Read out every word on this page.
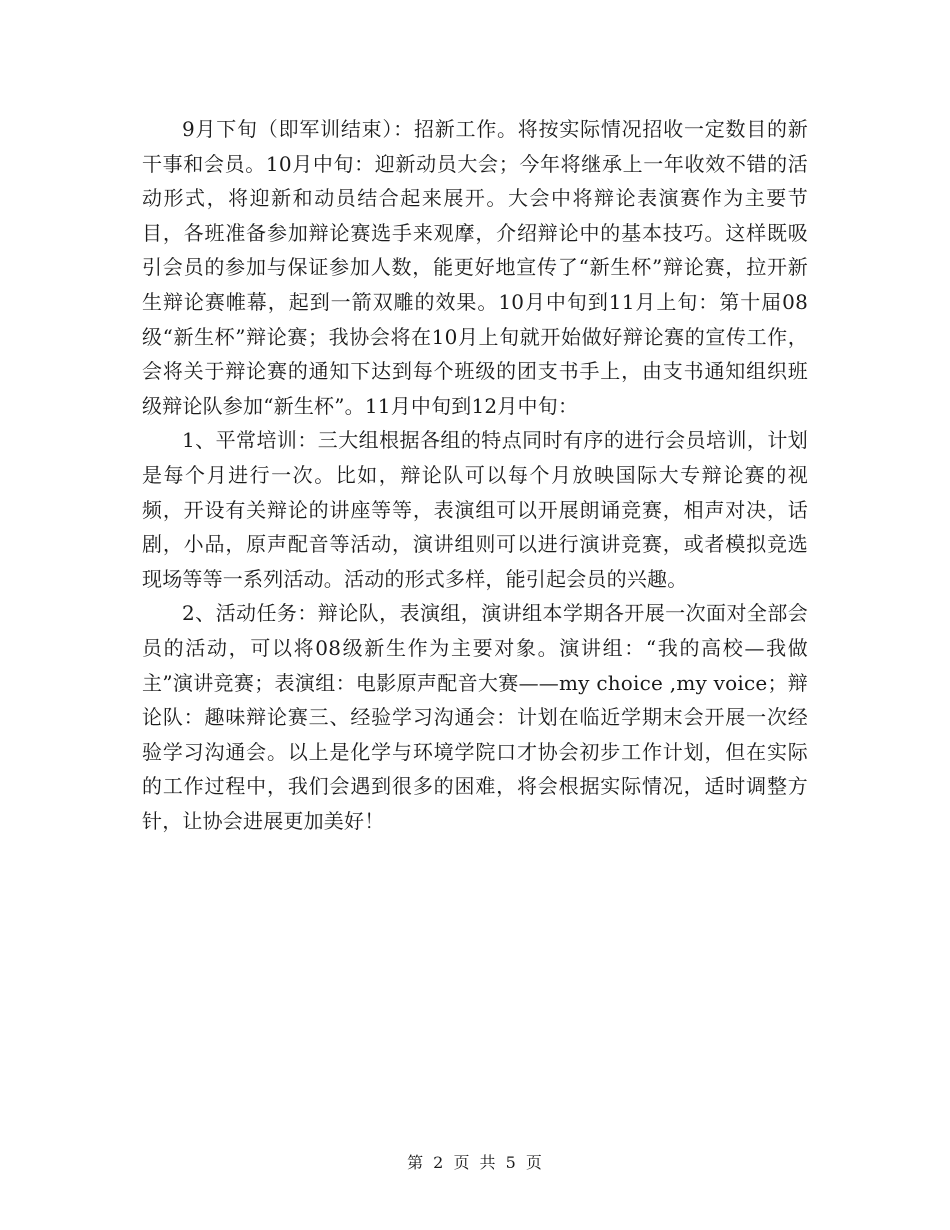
9月下旬（即军训结束）：招新工作。将按实际情况招收一定数目的新干事和会员。10月中旬：迎新动员大会；今年将继承上一年收效不错的活动形式，将迎新和动员结合起来展开。大会中将辩论表演赛作为主要节目，各班准备参加辩论赛选手来观摩，介绍辩论中的基本技巧。这样既吸引会员的参加与保证参加人数，能更好地宣传了“新生杯”辩论赛，拉开新生辩论赛帷幕，起到一箭双雕的效果。10月中旬到11月上旬：第十届08级“新生杯”辩论赛；我协会将在10月上旬就开始做好辩论赛的宣传工作，会将关于辩论赛的通知下达到每个班级的团支书手上，由支书通知组织班级辩论队参加“新生杯”。11月中旬到12月中旬：

1、平常培训：三大组根据各组的特点同时有序的进行会员培训，计划是每个月进行一次。比如，辩论队可以每个月放映国际大专辩论赛的视频，开设有关辩论的讲座等等，表演组可以开展朗诵竞赛，相声对决，话剧，小品，原声配音等活动，演讲组则可以进行演讲竞赛，或者模拟竞选现场等等一系列活动。活动的形式多样，能引起会员的兴趣。

2、活动任务：辩论队，表演组，演讲组本学期各开展一次面对全部会员的活动，可以将08级新生作为主要对象。演讲组：“我的高校—我做主”演讲竞赛；表演组：电影原声配音大赛——my choice ,my voice；辩论队：趣味辩论赛三、经验学习沟通会：计划在临近学期末会开展一次经验学习沟通会。以上是化学与环境学院口才协会初步工作计划，但在实际的工作过程中，我们会遇到很多的困难，将会根据实际情况，适时调整方针，让协会进展更加美好！

第 2 页 共 5 页
